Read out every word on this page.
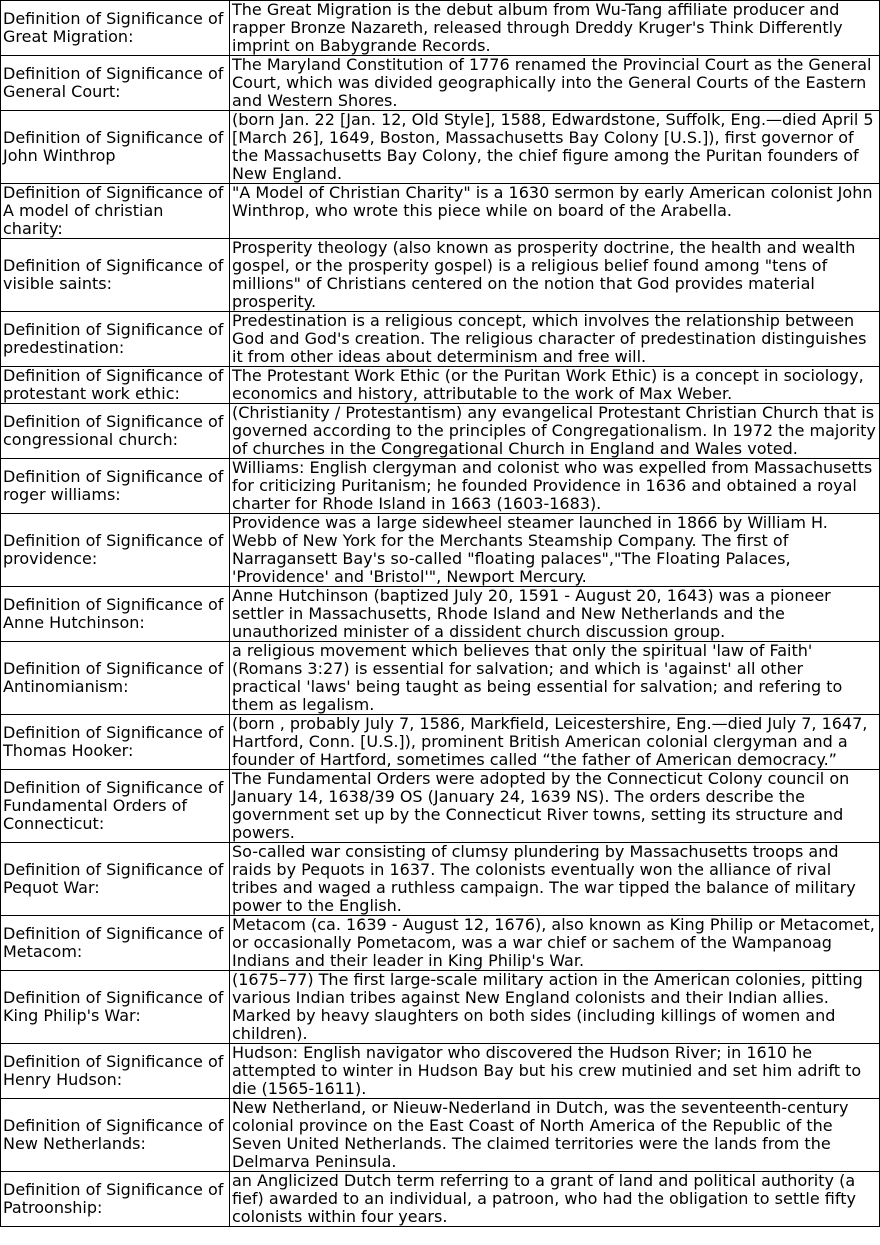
Definition of Significance of Great Migration:	The Great Migration is the debut album from Wu-Tang affiliate producer and rapper Bronze Nazareth, released through Dreddy Kruger's Think Differently imprint on Babygrande Records.
Definition of Significance of General Court:	The Maryland Constitution of 1776 renamed the Provincial Court as the General Court, which was divided geographically into the General Courts of the Eastern and Western Shores.
Definition of Significance of John Winthrop	(born Jan. 22 [Jan. 12, Old Style], 1588, Edwardstone, Suffolk, Eng.—died April 5 [March 26], 1649, Boston, Massachusetts Bay Colony [U.S.]), first governor of the Massachusetts Bay Colony, the chief figure among the Puritan founders of New England.
Definition of Significance of A model of christian charity:	"A Model of Christian Charity" is a 1630 sermon by early American colonist John Winthrop, who wrote this piece while on board of the Arabella.
Definition of Significance of visible saints:	Prosperity theology (also known as prosperity doctrine, the health and wealth gospel, or the prosperity gospel) is a religious belief found among "tens of millions" of Christians centered on the notion that God provides material prosperity.
Definition of Significance of predestination:	Predestination is a religious concept, which involves the relationship between God and God's creation. The religious character of predestination distinguishes it from other ideas about determinism and free will.
Definition of Significance of protestant work ethic:	The Protestant Work Ethic (or the Puritan Work Ethic) is a concept in sociology, economics and history, attributable to the work of Max Weber.
Definition of Significance of congressional church:	(Christianity / Protestantism) any evangelical Protestant Christian Church that is governed according to the principles of Congregationalism. In 1972 the majority of churches in the Congregational Church in England and Wales voted.
Definition of Significance of roger williams:	Williams: English clergyman and colonist who was expelled from Massachusetts for criticizing Puritanism; he founded Providence in 1636 and obtained a royal charter for Rhode Island in 1663 (1603-1683).
Definition of Significance of providence:	Providence was a large sidewheel steamer launched in 1866 by William H. Webb of New York for the Merchants Steamship Company. The first of Narragansett Bay's so-called "floating palaces","The Floating Palaces, 'Providence' and 'Bristol'", Newport Mercury.
Definition of Significance of Anne Hutchinson:	Anne Hutchinson (baptized July 20, 1591 - August 20, 1643) was a pioneer settler in Massachusetts, Rhode Island and New Netherlands and the unauthorized minister of a dissident church discussion group.
Definition of Significance of Antinomianism:	a religious movement which believes that only the spiritual 'law of Faith' (Romans 3:27) is essential for salvation; and which is 'against' all other practical 'laws' being taught as being essential for salvation; and refering to them as legalism.
Definition of Significance of Thomas Hooker:	(born , probably July 7, 1586, Markfield, Leicestershire, Eng.—died July 7, 1647, Hartford, Conn. [U.S.]), prominent British American colonial clergyman and a founder of Hartford, sometimes called “the father of American democracy.”
Definition of Significance of Fundamental Orders of Connecticut:	The Fundamental Orders were adopted by the Connecticut Colony council on January 14, 1638/39 OS (January 24, 1639 NS). The orders describe the government set up by the Connecticut River towns, setting its structure and powers.
Definition of Significance of Pequot War:	So-called war consisting of clumsy plundering by Massachusetts troops and raids by Pequots in 1637. The colonists eventually won the alliance of rival tribes and waged a ruthless campaign. The war tipped the balance of military power to the English.
Definition of Significance of Metacom:	Metacom (ca. 1639 - August 12, 1676), also known as King Philip or Metacomet, or occasionally Pometacom, was a war chief or sachem of the Wampanoag Indians and their leader in King Philip's War.
Definition of Significance of King Philip's War:	(1675–77) The first large-scale military action in the American colonies, pitting various Indian tribes against New England colonists and their Indian allies. Marked by heavy slaughters on both sides (including killings of women and children).
Definition of Significance of Henry Hudson:	Hudson: English navigator who discovered the Hudson River; in 1610 he attempted to winter in Hudson Bay but his crew mutinied and set him adrift to die (1565-1611).
Definition of Significance of New Netherlands:	New Netherland, or Nieuw-Nederland in Dutch, was the seventeenth-century colonial province on the East Coast of North America of the Republic of the Seven United Netherlands. The claimed territories were the lands from the Delmarva Peninsula.
Definition of Significance of Patroonship:	an Anglicized Dutch term referring to a grant of land and political authority (a fief) awarded to an individual, a patroon, who had the obligation to settle fifty colonists within four years.
